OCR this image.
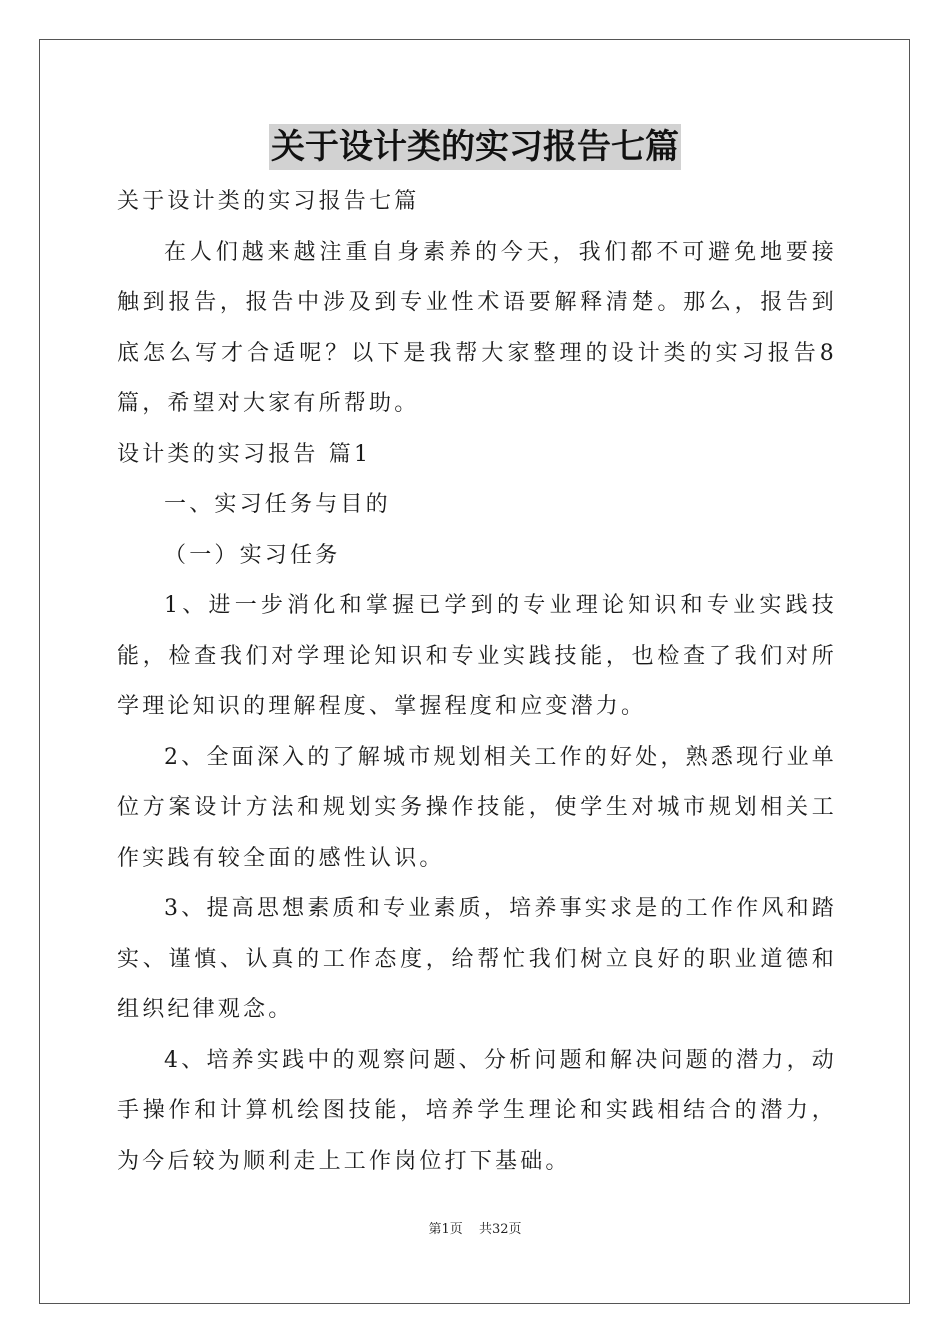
关于设计类的实习报告七篇

关于设计类的实习报告七篇

在人们越来越注重自身素养的今天，我们都不可避免地要接触到报告，报告中涉及到专业性术语要解释清楚。那么，报告到底怎么写才合适呢？以下是我帮大家整理的设计类的实习报告8篇，希望对大家有所帮助。

设计类的实习报告 篇1

一、实习任务与目的

（一）实习任务

1、进一步消化和掌握已学到的专业理论知识和专业实践技能，检查我们对学理论知识和专业实践技能，也检查了我们对所学理论知识的理解程度、掌握程度和应变潜力。

2、全面深入的了解城市规划相关工作的好处，熟悉现行业单位方案设计方法和规划实务操作技能，使学生对城市规划相关工作实践有较全面的感性认识。

3、提高思想素质和专业素质，培养事实求是的工作作风和踏实、谨慎、认真的工作态度，给帮忙我们树立良好的职业道德和组织纪律观念。

4、培养实践中的观察问题、分析问题和解决问题的潜力，动手操作和计算机绘图技能，培养学生理论和实践相结合的潜力，为今后较为顺利走上工作岗位打下基础。

第1页 共32页
